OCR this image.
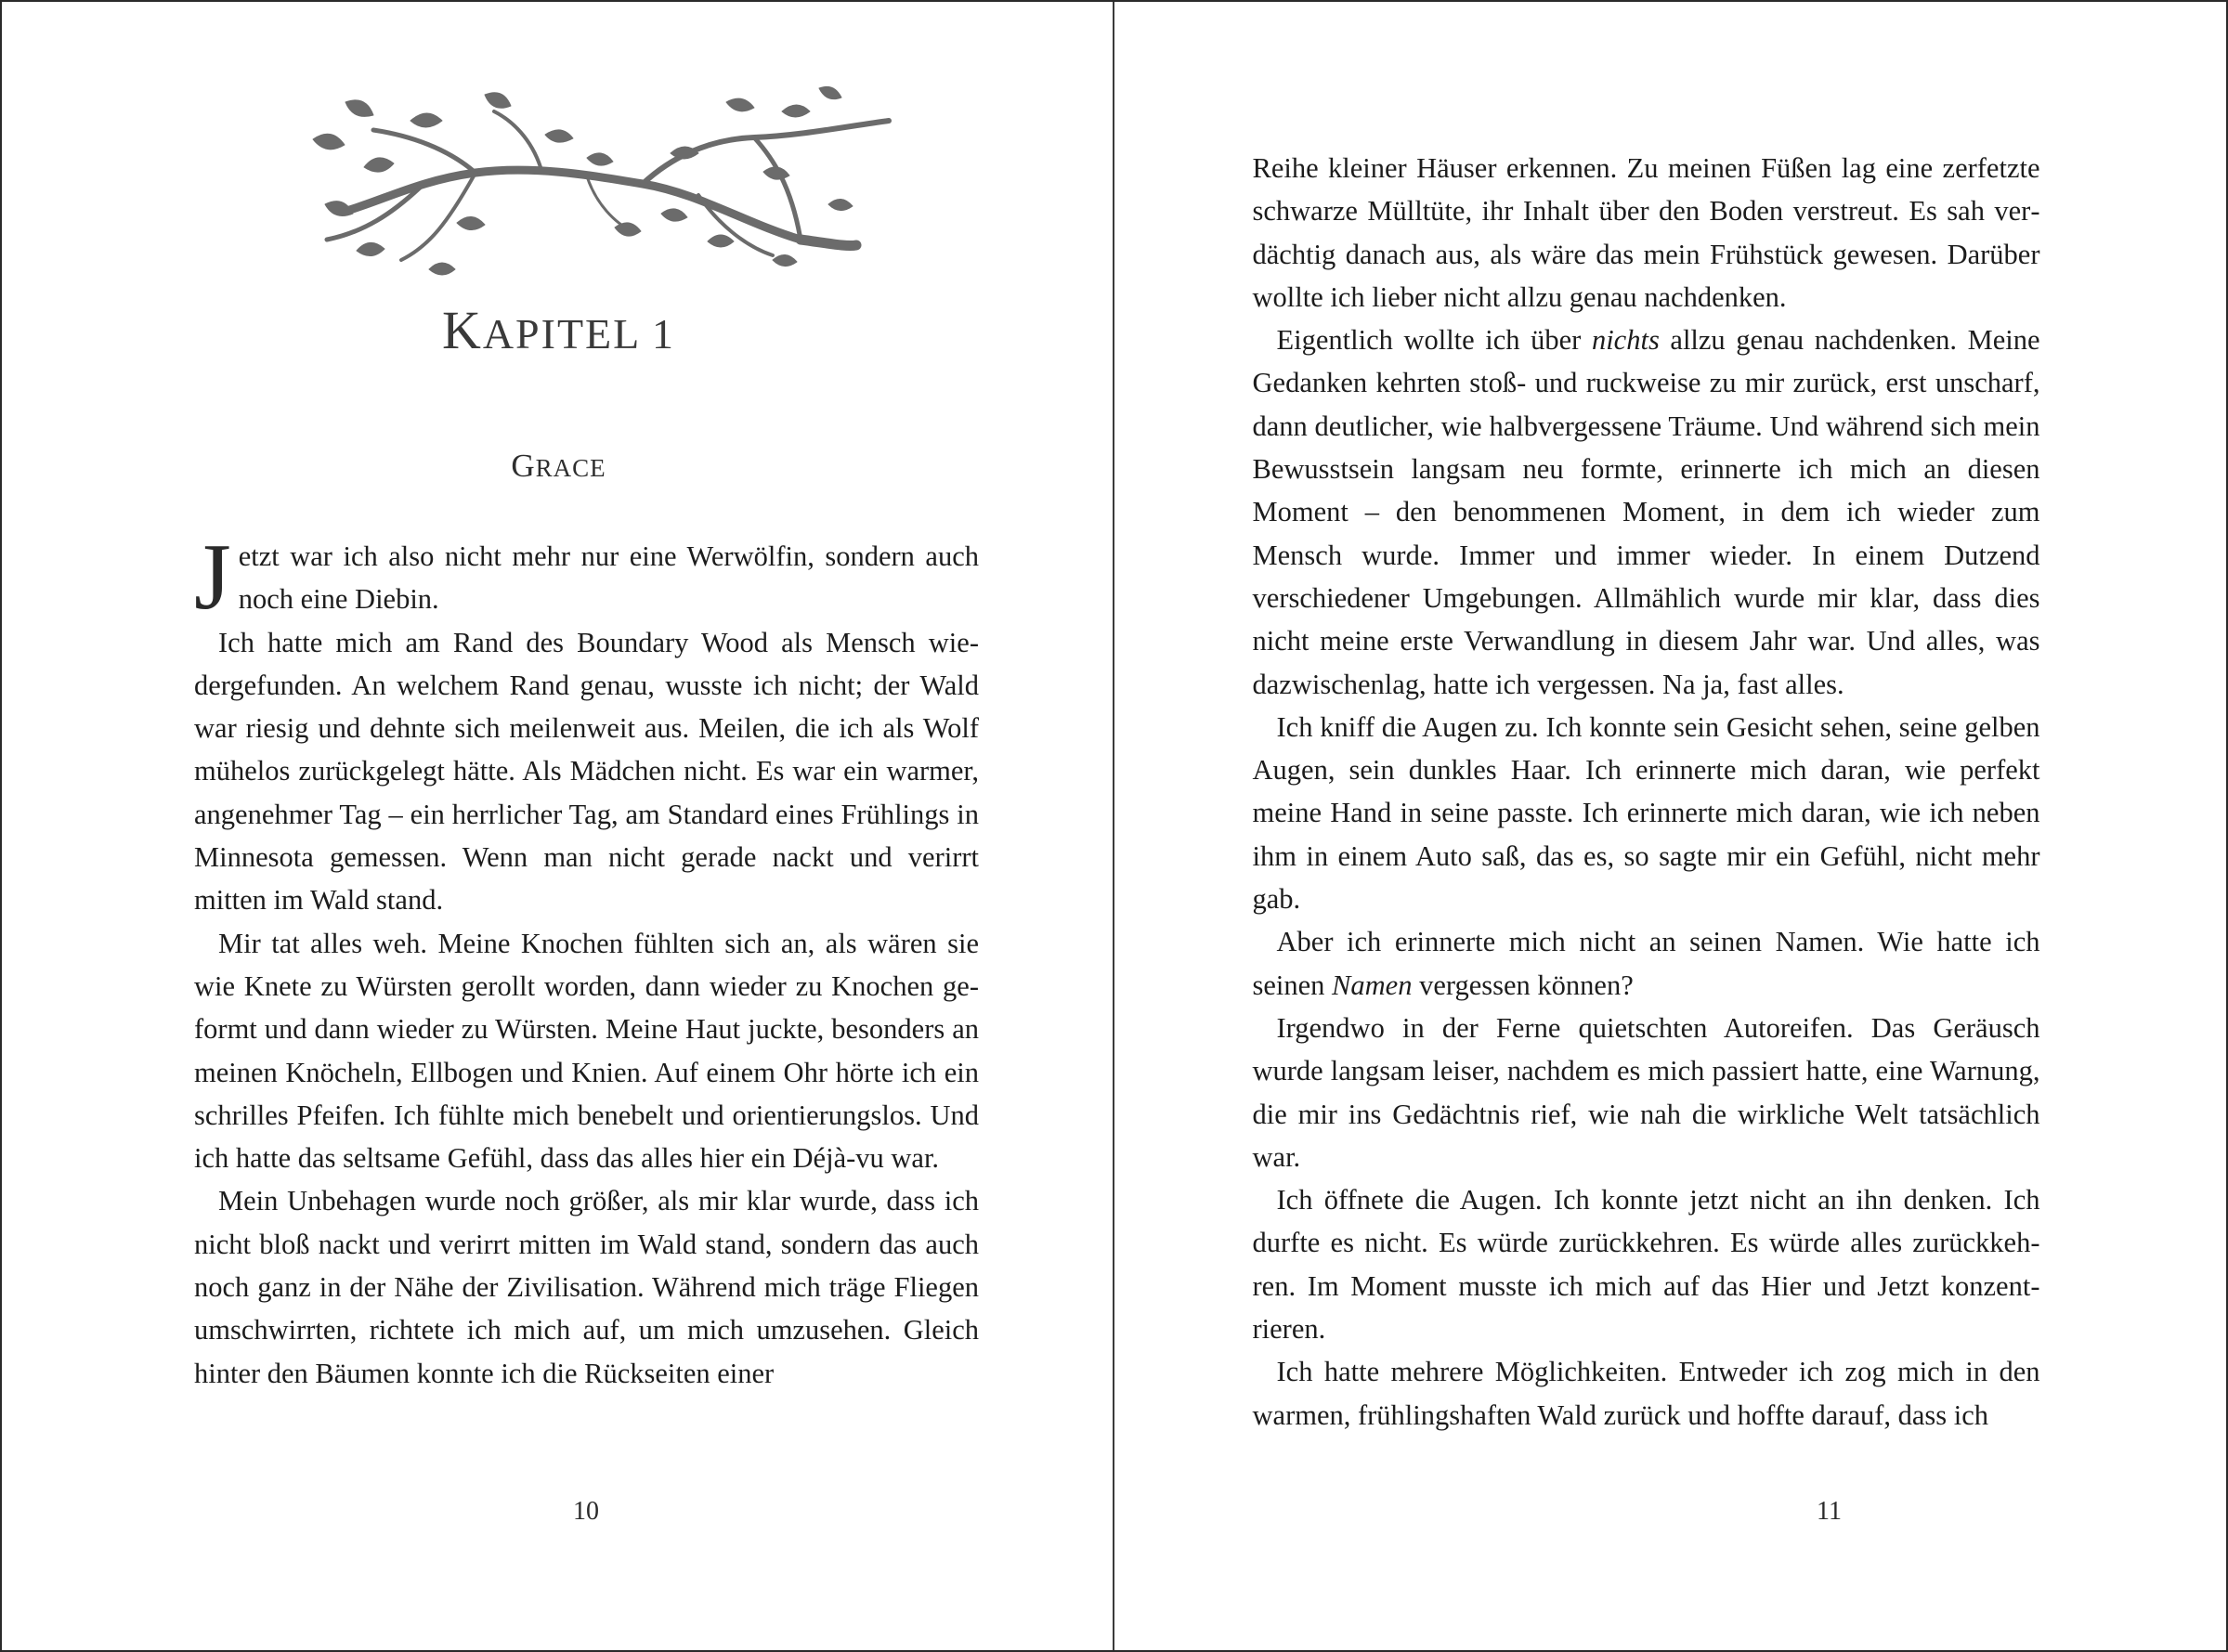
KAPITEL 1
GRACE

Jetzt war ich also nicht mehr nur eine Werwölfin, sondern auch noch eine Diebin.

Ich hatte mich am Rand des Boundary Wood als Mensch wiedergefunden. An welchem Rand genau, wusste ich nicht; der Wald war riesig und dehnte sich meilenweit aus. Meilen, die ich als Wolf mühelos zurückgelegt hätte. Als Mädchen nicht. Es war ein warmer, angenehmer Tag – ein herrlicher Tag, am Standard eines Frühlings in Minnesota gemessen. Wenn man nicht gerade nackt und verirrt mitten im Wald stand.

Mir tat alles weh. Meine Knochen fühlten sich an, als wären sie wie Knete zu Würsten gerollt worden, dann wieder zu Knochen geformt und dann wieder zu Würsten. Meine Haut juckte, besonders an meinen Knöcheln, Ellbogen und Knien. Auf einem Ohr hörte ich ein schrilles Pfeifen. Ich fühlte mich benebelt und orientierungslos. Und ich hatte das seltsame Gefühl, dass das alles hier ein Déjà-vu war.

Mein Unbehagen wurde noch größer, als mir klar wurde, dass ich nicht bloß nackt und verirrt mitten im Wald stand, sondern das auch noch ganz in der Nähe der Zivilisation. Während mich träge Fliegen umschwirrten, richtete ich mich auf, um mich umzusehen. Gleich hinter den Bäumen konnte ich die Rückseiten einer

10

Reihe kleiner Häuser erkennen. Zu meinen Füßen lag eine zerfetzte schwarze Mülltüte, ihr Inhalt über den Boden verstreut. Es sah verdächtig danach aus, als wäre das mein Frühstück gewesen. Darüber wollte ich lieber nicht allzu genau nachdenken.

Eigentlich wollte ich über nichts allzu genau nachdenken. Meine Gedanken kehrten stoß- und ruckweise zu mir zurück, erst unscharf, dann deutlicher, wie halbvergessene Träume. Und während sich mein Bewusstsein langsam neu formte, erinnerte ich mich an diesen Moment – den benommenen Moment, in dem ich wieder zum Mensch wurde. Immer und immer wieder. In einem Dutzend verschiedener Umgebungen. Allmählich wurde mir klar, dass dies nicht meine erste Verwandlung in diesem Jahr war. Und alles, was dazwischenlag, hatte ich vergessen. Na ja, fast alles.

Ich kniff die Augen zu. Ich konnte sein Gesicht sehen, seine gelben Augen, sein dunkles Haar. Ich erinnerte mich daran, wie perfekt meine Hand in seine passte. Ich erinnerte mich daran, wie ich neben ihm in einem Auto saß, das es, so sagte mir ein Gefühl, nicht mehr gab.

Aber ich erinnerte mich nicht an seinen Namen. Wie hatte ich seinen Namen vergessen können?

Irgendwo in der Ferne quietschten Autoreifen. Das Geräusch wurde langsam leiser, nachdem es mich passiert hatte, eine Warnung, die mir ins Gedächtnis rief, wie nah die wirkliche Welt tatsächlich war.

Ich öffnete die Augen. Ich konnte jetzt nicht an ihn denken. Ich durfte es nicht. Es würde zurückkehren. Es würde alles zurückkehren. Im Moment musste ich mich auf das Hier und Jetzt konzentrieren.

Ich hatte mehrere Möglichkeiten. Entweder ich zog mich in den warmen, frühlingshaften Wald zurück und hoffte darauf, dass ich

11
